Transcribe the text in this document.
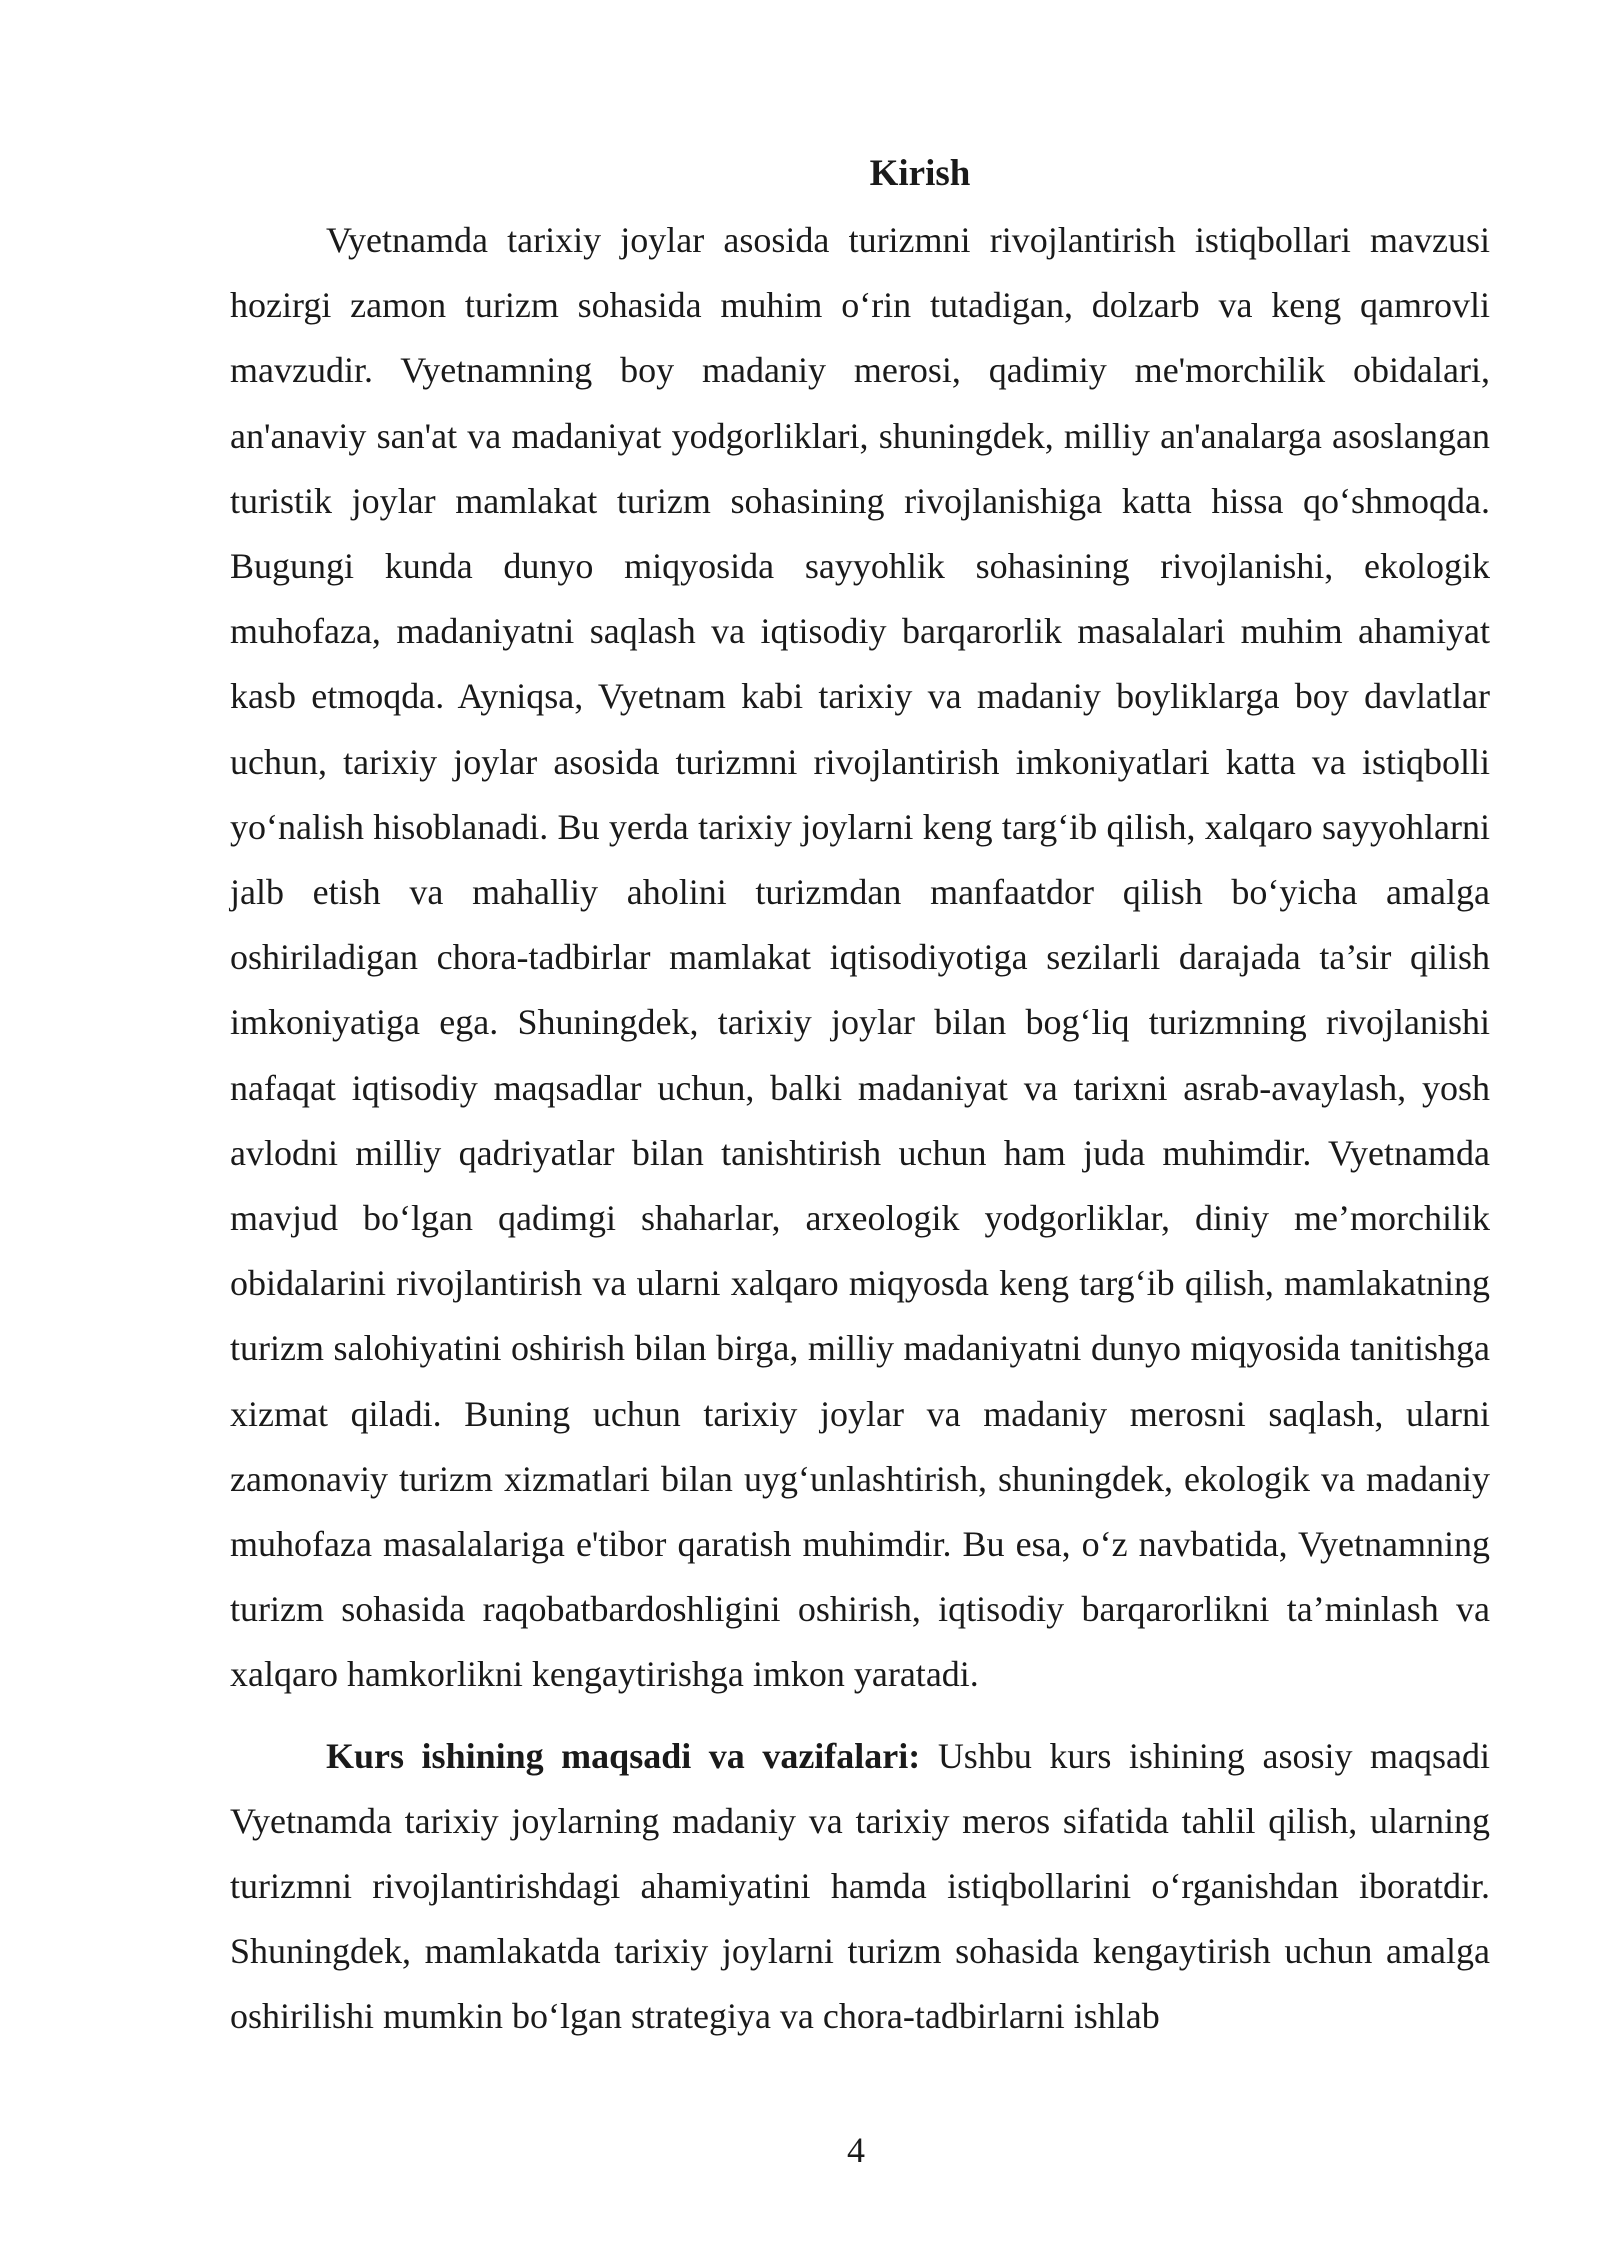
Kirish

Vyetnamda tarixiy joylar asosida turizmni rivojlantirish istiqbollari mavzusi hozirgi zamon turizm sohasida muhim o‘rin tutadigan, dolzarb va keng qamrovli mavzudir. Vyetnamning boy madaniy merosi, qadimiy me'morchilik obidalari, an'anaviy san'at va madaniyat yodgorliklari, shuningdek, milliy an'analarga asoslangan turistik joylar mamlakat turizm sohasining rivojlanishiga katta hissa qo‘shmoqda. Bugungi kunda dunyo miqyosida sayyohlik sohasining rivojlanishi, ekologik muhofaza, madaniyatni saqlash va iqtisodiy barqarorlik masalalari muhim ahamiyat kasb etmoqda. Ayniqsa, Vyetnam kabi tarixiy va madaniy boyliklarga boy davlatlar uchun, tarixiy joylar asosida turizmni rivojlantirish imkoniyatlari katta va istiqbolli yo‘nalish hisoblanadi. Bu yerda tarixiy joylarni keng targ‘ib qilish, xalqaro sayyohlarni jalb etish va mahalliy aholini turizmdan manfaatdor qilish bo‘yicha amalga oshiriladigan chora-tadbirlar mamlakat iqtisodiyotiga sezilarli darajada ta’sir qilish imkoniyatiga ega. Shuningdek, tarixiy joylar bilan bog‘liq turizmning rivojlanishi nafaqat iqtisodiy maqsadlar uchun, balki madaniyat va tarixni asrab-avaylash, yosh avlodni milliy qadriyatlar bilan tanishtirish uchun ham juda muhimdir. Vyetnamda mavjud bo‘lgan qadimgi shaharlar, arxeologik yodgorliklar, diniy me’morchilik obidalarini rivojlantirish va ularni xalqaro miqyosda keng targ‘ib qilish, mamlakatning turizm salohiyatini oshirish bilan birga, milliy madaniyatni dunyo miqyosida tanitishga xizmat qiladi. Buning uchun tarixiy joylar va madaniy merosni saqlash, ularni zamonaviy turizm xizmatlari bilan uyg‘unlashtirish, shuningdek, ekologik va madaniy muhofaza masalalariga e'tibor qaratish muhimdir. Bu esa, o‘z navbatida, Vyetnamning turizm sohasida raqobatbardoshligini oshirish, iqtisodiy barqarorlikni ta’minlash va xalqaro hamkorlikni kengaytirishga imkon yaratadi.

Kurs ishining maqsadi va vazifalari: Ushbu kurs ishining asosiy maqsadi Vyetnamda tarixiy joylarning madaniy va tarixiy meros sifatida tahlil qilish, ularning turizmni rivojlantirishdagi ahamiyatini hamda istiqbollarini o‘rganishdan iboratdir. Shuningdek, mamlakatda tarixiy joylarni turizm sohasida kengaytirish uchun amalga oshirilishi mumkin bo‘lgan strategiya va chora-tadbirlarni ishlab

4
